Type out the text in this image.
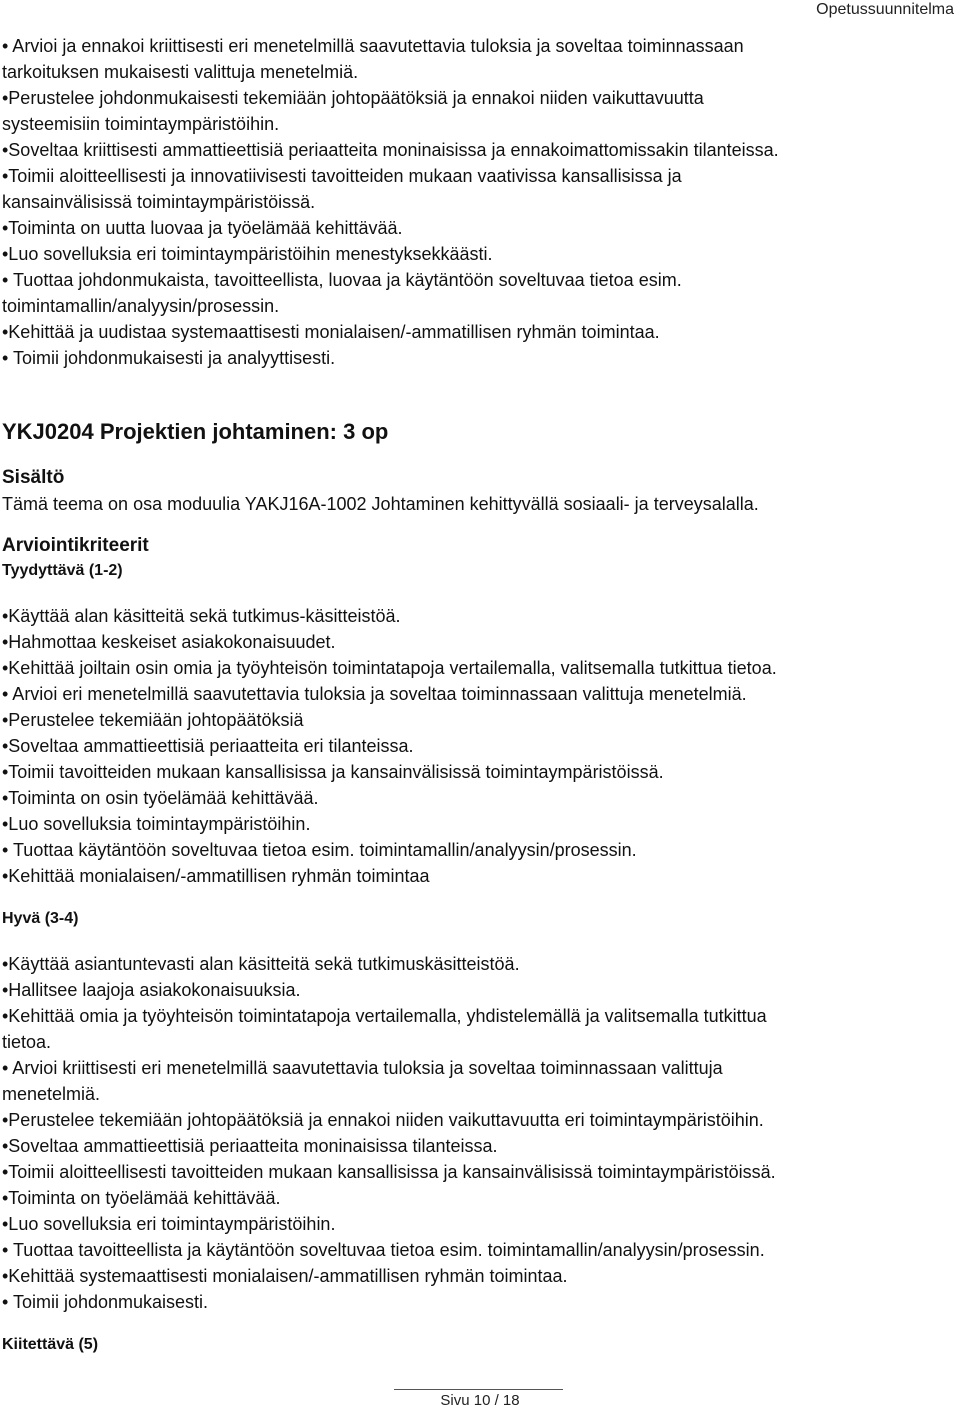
Opetussuunnitelma
• Arvioi ja ennakoi kriittisesti eri menetelmillä saavutettavia tuloksia ja soveltaa toiminnassaan
tarkoituksen mukaisesti valittuja menetelmiä.
•Perustelee johdonmukaisesti tekemiään johtopäätöksiä ja ennakoi niiden vaikuttavuutta
systeemisiin toimintaympäristöihin.
•Soveltaa kriittisesti ammattieettisiä periaatteita moninaisissa ja ennakoimattomissakin tilanteissa.
•Toimii aloitteellisesti ja innovatiivisesti tavoitteiden mukaan vaativissa kansallisissa ja
kansainvälisissä toimintaympäristöissä.
•Toiminta on uutta luovaa ja työelämää kehittävää.
•Luo sovelluksia eri toimintaympäristöihin menestyksekkäästi.
• Tuottaa johdonmukaista, tavoitteellista, luovaa ja käytäntöön soveltuvaa tietoa esim.
toimintamallin/analyysin/prosessin.
•Kehittää ja uudistaa systemaattisesti monialaisen/-ammatillisen ryhmän toimintaa.
• Toimii johdonmukaisesti ja analyyttisesti.
YKJ0204 Projektien johtaminen: 3 op
Sisältö
Tämä teema on osa moduulia YAKJ16A-1002 Johtaminen kehittyvällä sosiaali- ja terveysalalla.
Arviointikriteerit
Tyydyttävä (1-2)
•Käyttää alan käsitteitä sekä tutkimus-käsitteistöä.
•Hahmottaa keskeiset asiakokonaisuudet.
•Kehittää joiltain osin omia ja työyhteisön toimintatapoja vertailemalla, valitsemalla tutkittua tietoa.
• Arvioi eri menetelmillä saavutettavia tuloksia ja soveltaa toiminnassaan valittuja menetelmiä.
•Perustelee tekemiään johtopäätöksiä
•Soveltaa ammattieettisiä periaatteita eri tilanteissa.
•Toimii tavoitteiden mukaan kansallisissa ja kansainvälisissä toimintaympäristöissä.
•Toiminta on osin työelämää kehittävää.
•Luo sovelluksia toimintaympäristöihin.
• Tuottaa käytäntöön soveltuvaa tietoa esim. toimintamallin/analyysin/prosessin.
•Kehittää monialaisen/-ammatillisen ryhmän toimintaa
Hyvä (3-4)
•Käyttää asiantuntevasti alan käsitteitä sekä tutkimuskäsitteistöä.
•Hallitsee laajoja asiakokonaisuuksia.
•Kehittää omia ja työyhteisön toimintatapoja vertailemalla, yhdistelemällä ja valitsemalla tutkittua
tietoa.
• Arvioi kriittisesti eri menetelmillä saavutettavia tuloksia ja soveltaa toiminnassaan valittuja
menetelmiä.
•Perustelee tekemiään johtopäätöksiä ja ennakoi niiden vaikuttavuutta eri toimintaympäristöihin.
•Soveltaa ammattieettisiä periaatteita moninaisissa tilanteissa.
•Toimii aloitteellisesti tavoitteiden mukaan kansallisissa ja kansainvälisissä toimintaympäristöissä.
•Toiminta on työelämää kehittävää.
•Luo sovelluksia eri toimintaympäristöihin.
• Tuottaa tavoitteellista ja käytäntöön soveltuvaa tietoa esim. toimintamallin/analyysin/prosessin.
•Kehittää systemaattisesti monialaisen/-ammatillisen ryhmän toimintaa.
• Toimii johdonmukaisesti.
Kiitettävä (5)
Sivu 10 / 18
